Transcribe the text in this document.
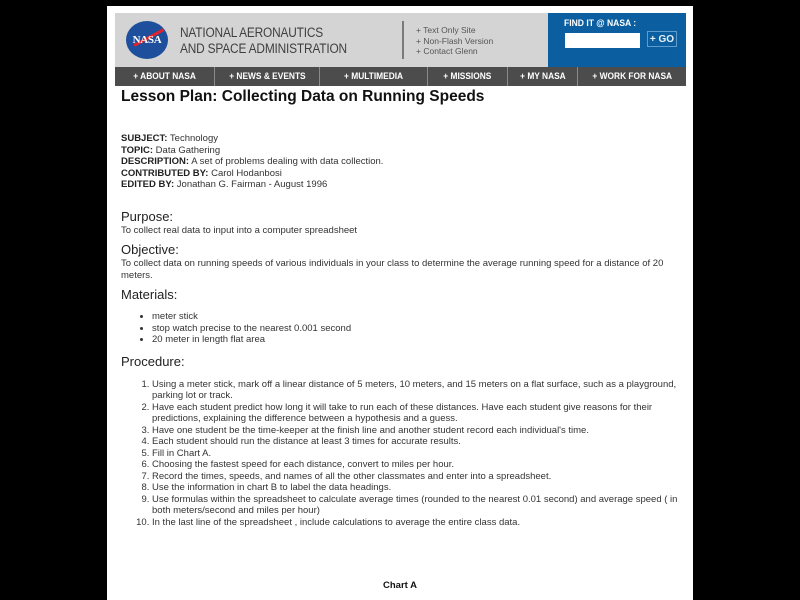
NASA	NATIONAL AERONAUTICS
AND SPACE ADMINISTRATION
+ Text Only Site
+ Non-Flash Version
+ Contact Glenn
FIND IT @ NASA :
+ GO
+ ABOUT NASA	+ NEWS & EVENTS	+ MULTIMEDIA	+ MISSIONS	+ MY NASA	+ WORK FOR NASA
Lesson Plan: Collecting Data on Running Speeds
SUBJECT: Technology
TOPIC: Data Gathering
DESCRIPTION: A set of problems dealing with data collection.
CONTRIBUTED BY: Carol Hodanbosi
EDITED BY: Jonathan G. Fairman - August 1996
Purpose:

To collect real data to input into a computer spreadsheet

Objective:

To collect data on running speeds of various individuals in your class to determine the average running speed for a distance of 20 meters.

Materials:
• meter stick
• stop watch precise to the nearest 0.001 second
• 20 meter in length flat area
Procedure:
1. Using a meter stick, mark off a linear distance of 5 meters, 10 meters, and 15 meters on a flat surface, such as a playground, parking lot or track.
2. Have each student predict how long it will take to run each of these distances. Have each student give reasons for their predictions, explaining the difference between a hypothesis and a guess.
3. Have one student be the time-keeper at the finish line and another student record each individual's time.
4. Each student should run the distance at least 3 times for accurate results.
5. Fill in Chart A.
6. Choosing the fastest speed for each distance, convert to miles per hour.
7. Record the times, speeds, and names of all the other classmates and enter into a spreadsheet.
8. Use the information in chart B to label the data headings.
9. Use formulas within the spreadsheet to calculate average times (rounded to the nearest 0.01 second) and average speed ( in both meters/second and miles per hour)
10. In the last line of the spreadsheet , include calculations to average the entire class data.
Chart A
